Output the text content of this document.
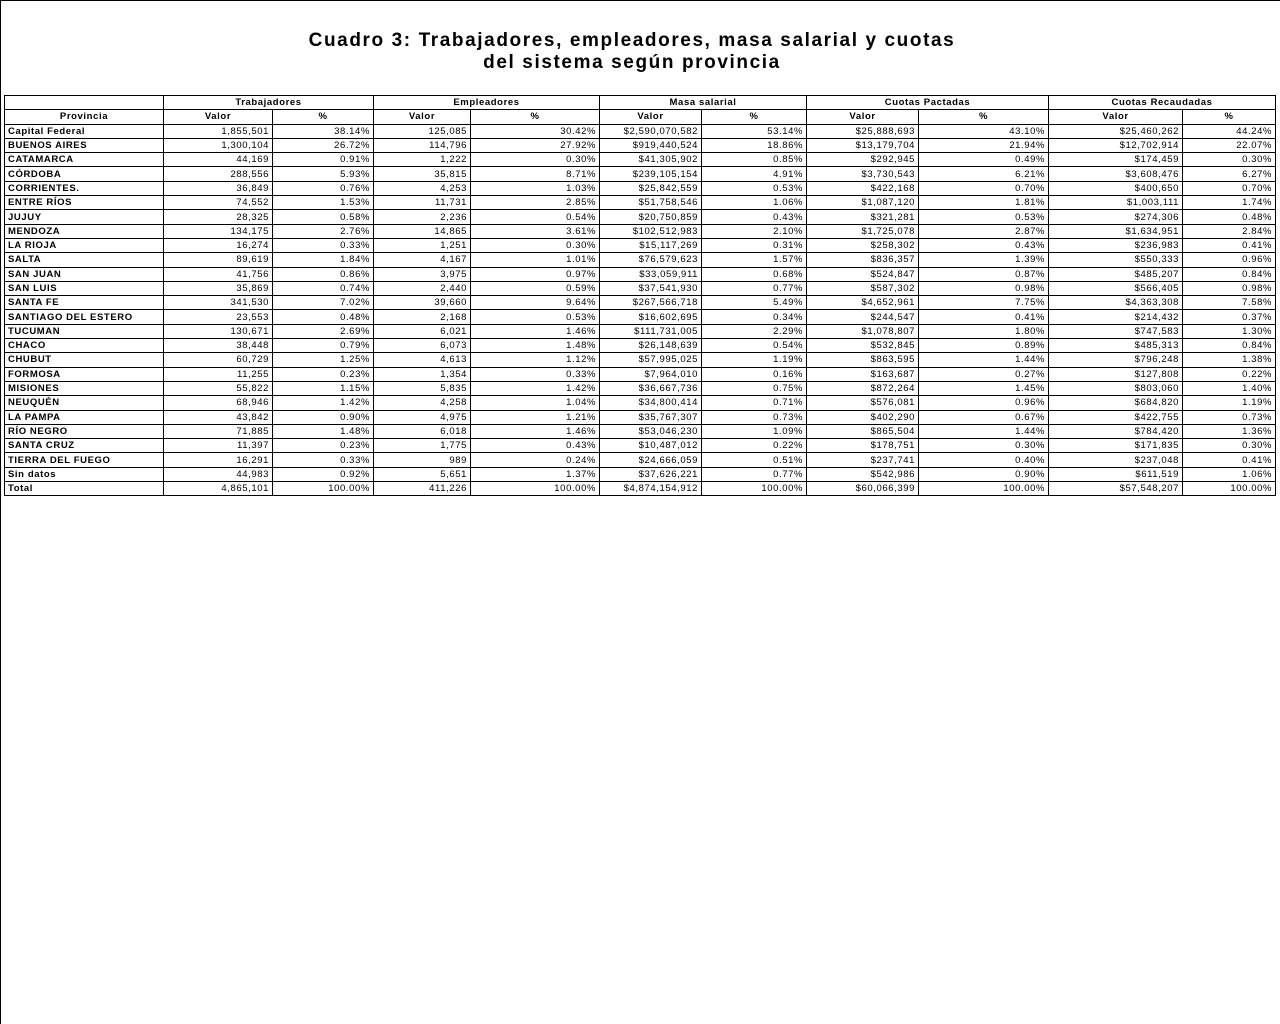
Cuadro 3: Trabajadores, empleadores, masa salarial y cuotas
del sistema según provincia
	Trabajadores		Empleadores		Masa salarial		Cuotas Pactadas		Cuotas Recaudadas	
Provincia	Valor	%	Valor	%	Valor	%	Valor	%	Valor	%
Capital Federal	1,855,501	38.14%	125,085	30.42%	$2,590,070,582	53.14%	$25,888,693	43.10%	$25,460,262	44.24%
BUENOS AIRES	1,300,104	26.72%	114,796	27.92%	$919,440,524	18.86%	$13,179,704	21.94%	$12,702,914	22.07%
CATAMARCA	44,169	0.91%	1,222	0.30%	$41,305,902	0.85%	$292,945	0.49%	$174,459	0.30%
CÓRDOBA	288,556	5.93%	35,815	8.71%	$239,105,154	4.91%	$3,730,543	6.21%	$3,608,476	6.27%
CORRIENTES.	36,849	0.76%	4,253	1.03%	$25,842,559	0.53%	$422,168	0.70%	$400,650	0.70%
ENTRE RÍOS	74,552	1.53%	11,731	2.85%	$51,758,546	1.06%	$1,087,120	1.81%	$1,003,111	1.74%
JUJUY	28,325	0.58%	2,236	0.54%	$20,750,859	0.43%	$321,281	0.53%	$274,306	0.48%
MENDOZA	134,175	2.76%	14,865	3.61%	$102,512,983	2.10%	$1,725,078	2.87%	$1,634,951	2.84%
LA RIOJA	16,274	0.33%	1,251	0.30%	$15,117,269	0.31%	$258,302	0.43%	$236,983	0.41%
SALTA	89,619	1.84%	4,167	1.01%	$76,579,623	1.57%	$836,357	1.39%	$550,333	0.96%
SAN JUAN	41,756	0.86%	3,975	0.97%	$33,059,911	0.68%	$524,847	0.87%	$485,207	0.84%
SAN LUIS	35,869	0.74%	2,440	0.59%	$37,541,930	0.77%	$587,302	0.98%	$566,405	0.98%
SANTA FE	341,530	7.02%	39,660	9.64%	$267,566,718	5.49%	$4,652,961	7.75%	$4,363,308	7.58%
SANTIAGO DEL ESTERO	23,553	0.48%	2,168	0.53%	$16,602,695	0.34%	$244,547	0.41%	$214,432	0.37%
TUCUMAN	130,671	2.69%	6,021	1.46%	$111,731,005	2.29%	$1,078,807	1.80%	$747,583	1.30%
CHACO	38,448	0.79%	6,073	1.48%	$26,148,639	0.54%	$532,845	0.89%	$485,313	0.84%
CHUBUT	60,729	1.25%	4,613	1.12%	$57,995,025	1.19%	$863,595	1.44%	$796,248	1.38%
FORMOSA	11,255	0.23%	1,354	0.33%	$7,964,010	0.16%	$163,687	0.27%	$127,808	0.22%
MISIONES	55,822	1.15%	5,835	1.42%	$36,667,736	0.75%	$872,264	1.45%	$803,060	1.40%
NEUQUÉN	68,946	1.42%	4,258	1.04%	$34,800,414	0.71%	$576,081	0.96%	$684,820	1.19%
LA PAMPA	43,842	0.90%	4,975	1.21%	$35,767,307	0.73%	$402,290	0.67%	$422,755	0.73%
RÍO NEGRO	71,885	1.48%	6,018	1.46%	$53,046,230	1.09%	$865,504	1.44%	$784,420	1.36%
SANTA CRUZ	11,397	0.23%	1,775	0.43%	$10,487,012	0.22%	$178,751	0.30%	$171,835	0.30%
TIERRA DEL FUEGO	16,291	0.33%	989	0.24%	$24,666,059	0.51%	$237,741	0.40%	$237,048	0.41%
Sin datos	44,983	0.92%	5,651	1.37%	$37,626,221	0.77%	$542,986	0.90%	$611,519	1.06%
Total	4,865,101	100.00%	411,226	100.00%	$4,874,154,912	100.00%	$60,066,399	100.00%	$57,548,207	100.00%
